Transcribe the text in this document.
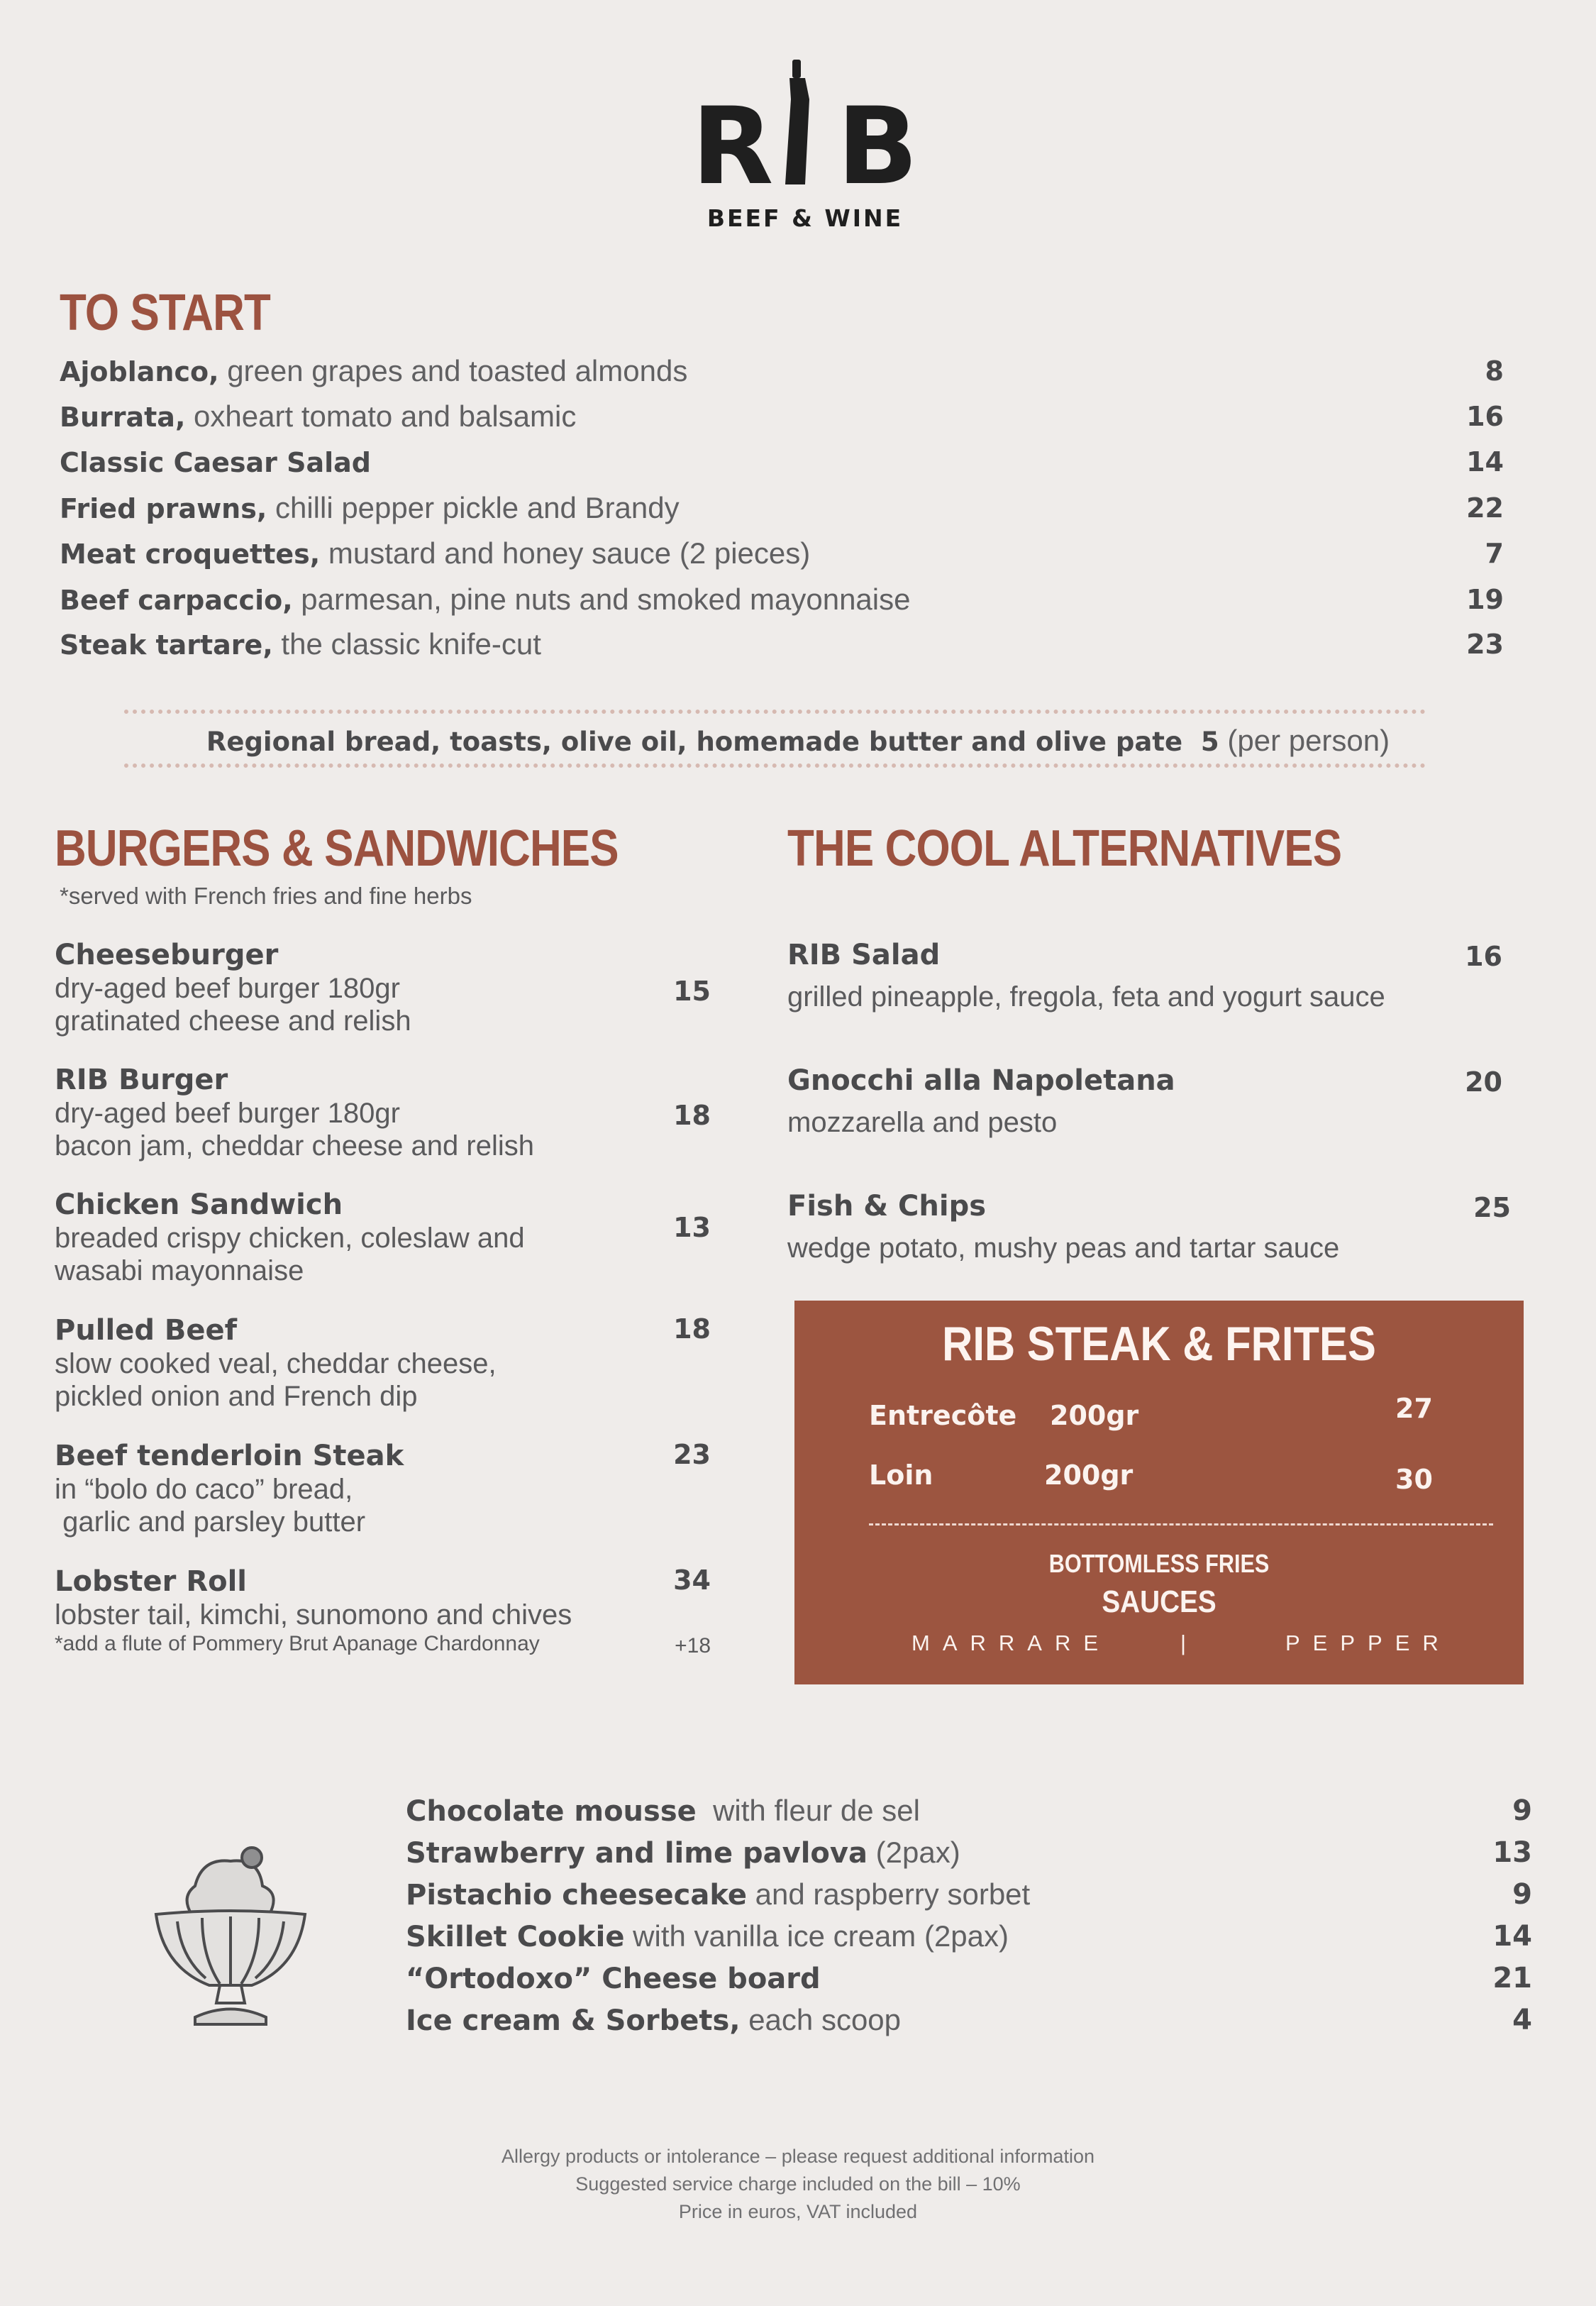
R B
BEEF & WINE
TO START
Ajoblanco, green grapes and toasted almonds	8
Burrata, oxheart tomato and balsamic	16
Classic Caesar Salad	14
Fried prawns, chilli pepper pickle and Brandy	22
Meat croquettes, mustard and honey sauce (2 pieces)	7
Beef carpaccio, parmesan, pine nuts and smoked mayonnaise	19
Steak tartare, the classic knife-cut	23
Regional bread, toasts, olive oil, homemade butter and olive pate 5 (per person)
BURGERS & SANDWICHES
*served with French fries and fine herbs
Cheeseburger
dry-aged beef burger 180gr
gratinated cheese and relish
15
RIB Burger
dry-aged beef burger 180gr
bacon jam, cheddar cheese and relish
18
Chicken Sandwich
breaded crispy chicken, coleslaw and
wasabi mayonnaise
13
Pulled Beef
slow cooked veal, cheddar cheese,
pickled onion and French dip
18
Beef tenderloin Steak
in “bolo do caco” bread,
garlic and parsley butter
23
Lobster Roll
lobster tail, kimchi, sunomono and chives
*add a flute of Pommery Brut Apanage Chardonnay
34
+18
THE COOL ALTERNATIVES
RIB Salad
grilled pineapple, fregola, feta and yogurt sauce
16
Gnocchi alla Napoletana
mozzarella and pesto
20
Fish & Chips
wedge potato, mushy peas and tartar sauce
25
RIB STEAK & FRITES
Entrecôte 200gr	27
Loin	200gr	30
BOTTOMLESS FRIES
SAUCES
MARRARE	|	PEPPER
Chocolate mousse  with fleur de sel	9
Strawberry and lime pavlova (2pax)	13
Pistachio cheesecake and raspberry sorbet	9
Skillet Cookie with vanilla ice cream (2pax)	14
“Ortodoxo” Cheese board	21
Ice cream & Sorbets, each scoop	4
Allergy products or intolerance – please request additional information
Suggested service charge included on the bill – 10%
Price in euros, VAT included
